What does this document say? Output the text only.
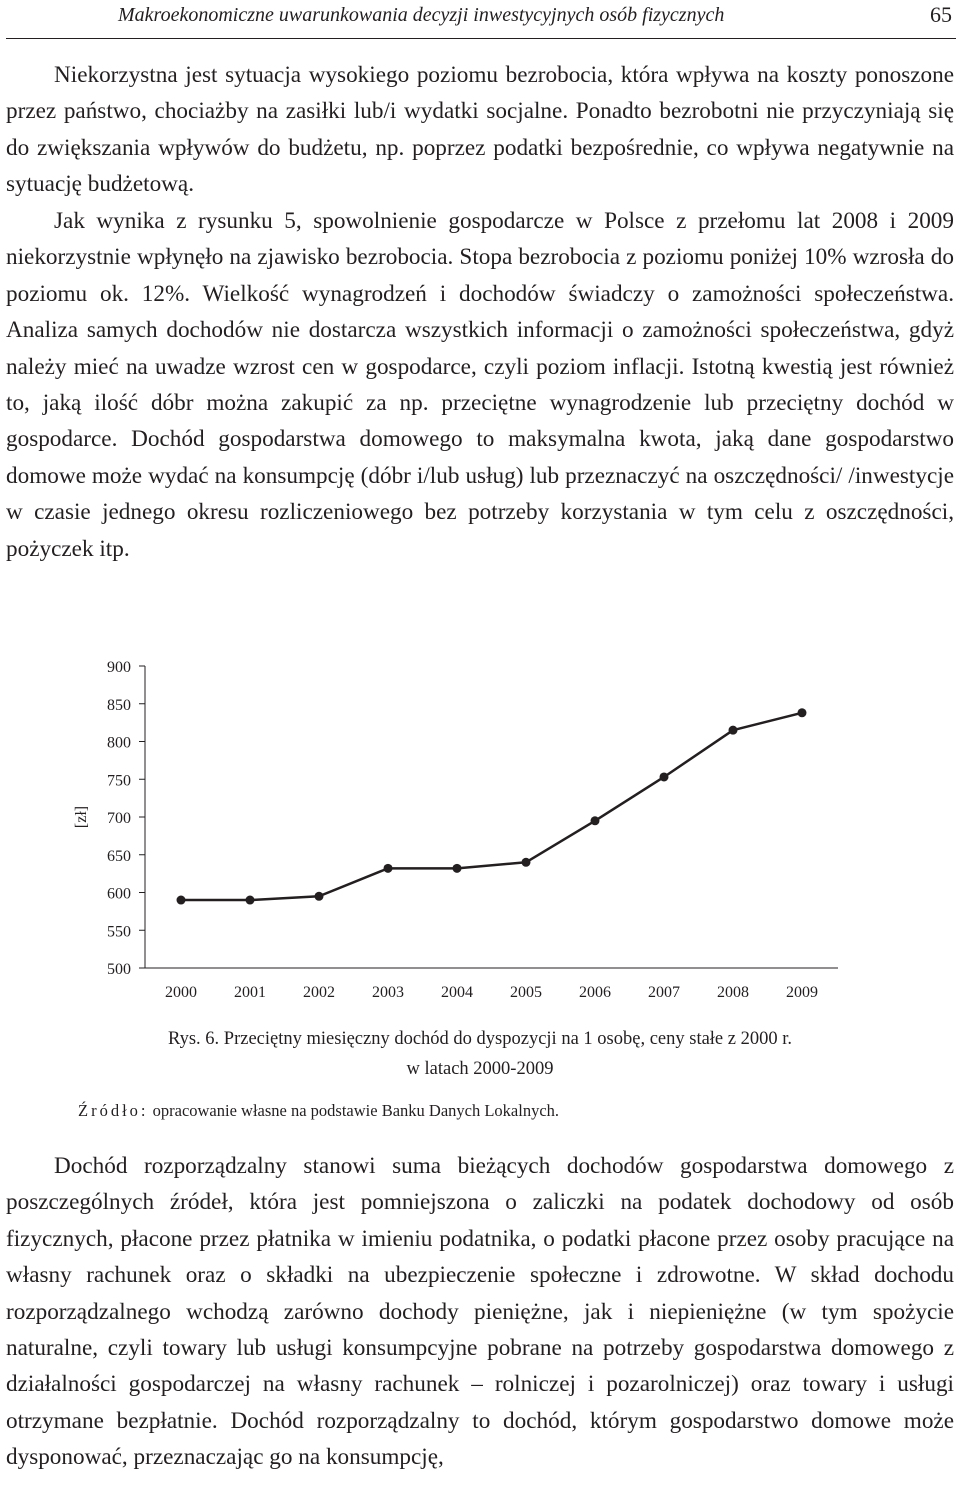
Makroekonomiczne uwarunkowania decyzji inwestycyjnych osób fizycznych	65

Niekorzystna jest sytuacja wysokiego poziomu bezrobocia, która wpływa na koszty ponoszone przez państwo, chociażby na zasiłki lub/i wydatki socjalne. Ponadto bezrobotni nie przyczyniają się do zwiększania wpływów do budżetu, np. poprzez podatki bezpośrednie, co wpływa negatywnie na sytuację budżetową.

Jak wynika z rysunku 5, spowolnienie gospodarcze w Polsce z przełomu lat 2008 i 2009 niekorzystnie wpłynęło na zjawisko bezrobocia. Stopa bezrobocia z poziomu poniżej 10% wzrosła do poziomu ok. 12%. Wielkość wynagrodzeń i dochodów świadczy o zamożności społeczeństwa. Analiza samych dochodów nie dostarcza wszystkich informacji o zamożności społeczeństwa, gdyż należy mieć na uwadze wzrost cen w gospodarce, czyli poziom inflacji. Istotną kwestią jest również to, jaką ilość dóbr można zakupić za np. przeciętne wynagrodzenie lub przeciętny dochód w gospodarce. Dochód gospodarstwa domowego to maksymalna kwota, jaką dane gospodarstwo domowe może wydać na konsumpcję (dóbr i/lub usług) lub przeznaczyć na oszczędności/ /inwestycje w czasie jednego okresu rozliczeniowego bez potrzeby korzystania w tym celu z oszczędności, pożyczek itp.

900
850
800
750
700
650
600
550
500
2000 2001 2002 2003 2004 2005 2006 2007 2008 2009
[zł]
Rys. 6. Przeciętny miesięczny dochód do dyspozycji na 1 osobę, ceny stałe z 2000 r.
w latach 2000-2009
Źródło: opracowanie własne na podstawie Banku Danych Lokalnych.

Dochód rozporządzalny stanowi suma bieżących dochodów gospodarstwa domowego z poszczególnych źródeł, która jest pomniejszona o zaliczki na podatek dochodowy od osób fizycznych, płacone przez płatnika w imieniu podatnika, o podatki płacone przez osoby pracujące na własny rachunek oraz o składki na ubezpieczenie społeczne i zdrowotne. W skład dochodu rozporządzalnego wchodzą zarówno dochody pieniężne, jak i niepieniężne (w tym spożycie naturalne, czyli towary lub usługi konsumpcyjne pobrane na potrzeby gospodarstwa domowego z działalności gospodarczej na własny rachunek – rolniczej i pozarolniczej) oraz towary i usługi otrzymane bezpłatnie. Dochód rozporządzalny to dochód, którym gospodarstwo domowe może dysponować, przeznaczając go na konsumpcję,
